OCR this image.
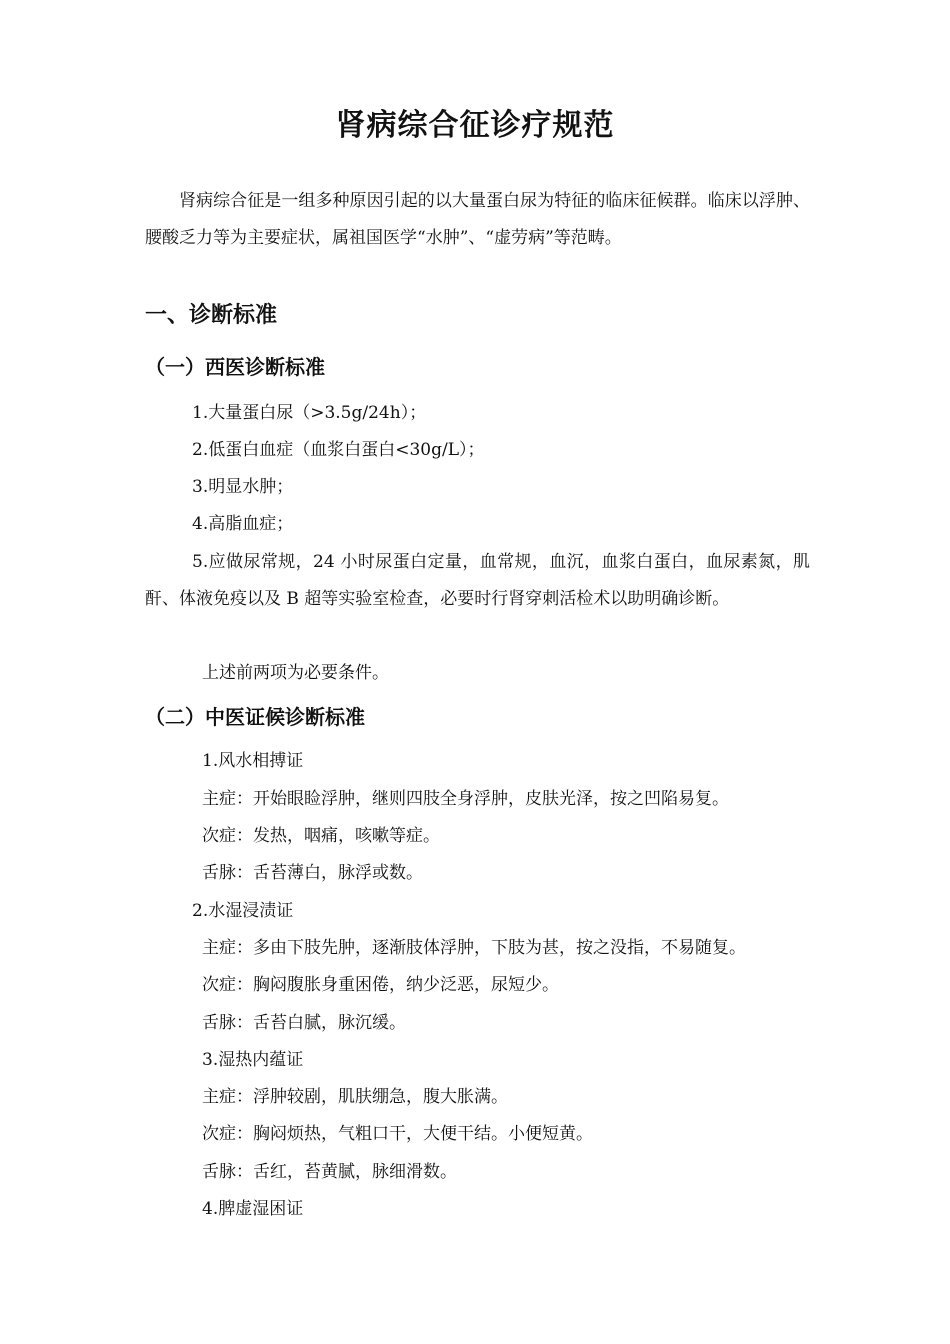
肾病综合征诊疗规范
肾病综合征是一组多种原因引起的以大量蛋白尿为特征的临床征候群。临床以浮肿、腰酸乏力等为主要症状，属祖国医学“水肿”、“虚劳病”等范畴。
一、诊断标准
（一）西医诊断标准
1.大量蛋白尿（>3.5g/24h）；
2.低蛋白血症（血浆白蛋白<30g/L）；
3.明显水肿；
4.高脂血症；
5.应做尿常规，24 小时尿蛋白定量，血常规，血沉，血浆白蛋白，血尿素氮，肌酐、体液免疫以及 B 超等实验室检查，必要时行肾穿刺活检术以助明确诊断。
上述前两项为必要条件。
（二）中医证候诊断标准
1.风水相搏证
主症：开始眼睑浮肿，继则四肢全身浮肿，皮肤光泽，按之凹陷易复。
次症：发热，咽痛，咳嗽等症。
舌脉：舌苔薄白，脉浮或数。
2.水湿浸渍证
主症：多由下肢先肿，逐渐肢体浮肿，下肢为甚，按之没指，不易随复。
次症：胸闷腹胀身重困倦，纳少泛恶，尿短少。
舌脉：舌苔白腻，脉沉缓。
3.湿热内蕴证
主症：浮肿较剧，肌肤绷急，腹大胀满。
次症：胸闷烦热，气粗口干，大便干结。小便短黄。
舌脉：舌红，苔黄腻，脉细滑数。
4.脾虚湿困证
